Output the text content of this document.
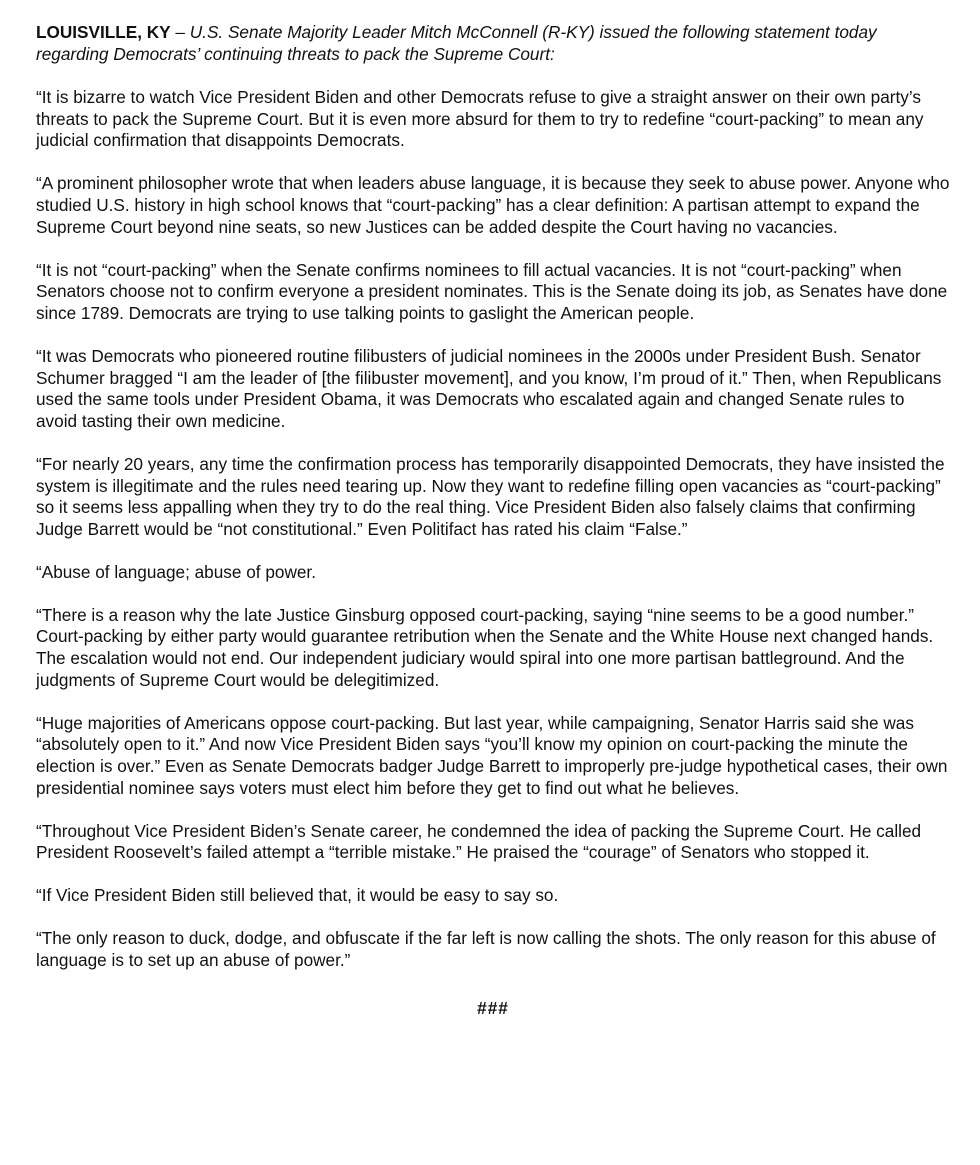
LOUISVILLE, KY – U.S. Senate Majority Leader Mitch McConnell (R-KY) issued the following statement today regarding Democrats’ continuing threats to pack the Supreme Court:

“It is bizarre to watch Vice President Biden and other Democrats refuse to give a straight answer on their own party’s threats to pack the Supreme Court. But it is even more absurd for them to try to redefine “court-packing” to mean any judicial confirmation that disappoints Democrats.

“A prominent philosopher wrote that when leaders abuse language, it is because they seek to abuse power. Anyone who studied U.S. history in high school knows that “court-packing” has a clear definition: A partisan attempt to expand the Supreme Court beyond nine seats, so new Justices can be added despite the Court having no vacancies.

“It is not “court-packing” when the Senate confirms nominees to fill actual vacancies. It is not “court-packing” when Senators choose not to confirm everyone a president nominates. This is the Senate doing its job, as Senates have done since 1789. Democrats are trying to use talking points to gaslight the American people.

“It was Democrats who pioneered routine filibusters of judicial nominees in the 2000s under President Bush. Senator Schumer bragged “I am the leader of [the filibuster movement], and you know, I’m proud of it.” Then, when Republicans used the same tools under President Obama, it was Democrats who escalated again and changed Senate rules to avoid tasting their own medicine.

“For nearly 20 years, any time the confirmation process has temporarily disappointed Democrats, they have insisted the system is illegitimate and the rules need tearing up. Now they want to redefine filling open vacancies as “court-packing” so it seems less appalling when they try to do the real thing. Vice President Biden also falsely claims that confirming Judge Barrett would be “not constitutional.” Even Politifact has rated his claim “False.”

“Abuse of language; abuse of power.

“There is a reason why the late Justice Ginsburg opposed court-packing, saying “nine seems to be a good number.” Court-packing by either party would guarantee retribution when the Senate and the White House next changed hands. The escalation would not end. Our independent judiciary would spiral into one more partisan battleground. And the judgments of Supreme Court would be delegitimized.

“Huge majorities of Americans oppose court-packing. But last year, while campaigning, Senator Harris said she was “absolutely open to it.” And now Vice President Biden says “you’ll know my opinion on court-packing the minute the election is over.” Even as Senate Democrats badger Judge Barrett to improperly pre-judge hypothetical cases, their own presidential nominee says voters must elect him before they get to find out what he believes.

“Throughout Vice President Biden’s Senate career, he condemned the idea of packing the Supreme Court. He called President Roosevelt’s failed attempt a “terrible mistake.” He praised the “courage” of Senators who stopped it.

“If Vice President Biden still believed that, it would be easy to say so.

“The only reason to duck, dodge, and obfuscate if the far left is now calling the shots. The only reason for this abuse of language is to set up an abuse of power.”

###
